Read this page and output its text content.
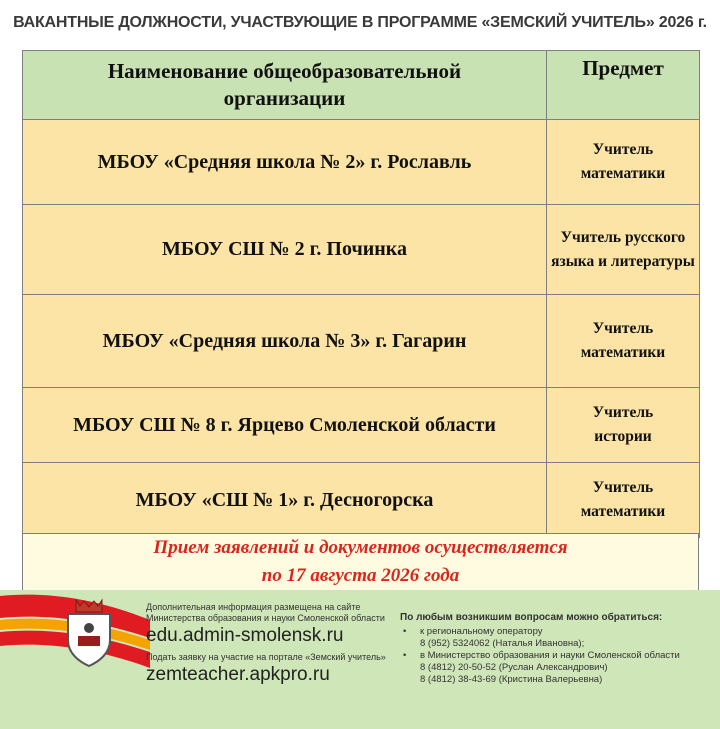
ВАКАНТНЫЕ ДОЛЖНОСТИ, УЧАСТВУЮЩИЕ В ПРОГРАММЕ «ЗЕМСКИЙ УЧИТЕЛЬ» 2026 г.
Наименование общеобразовательной организации	Предмет
МБОУ «Средняя школа № 2» г. Рославль	Учитель математики
МБОУ СШ № 2 г. Починка	Учитель русского языка и литературы
МБОУ «Средняя школа № 3» г. Гагарин	Учитель математики
МБОУ СШ № 8 г. Ярцево Смоленской области	Учитель истории
МБОУ «СШ № 1» г. Десногорска	Учитель математики
Прием заявлений и документов осуществляется
по 17 августа 2026 года
Дополнительная информация размещена на сайте
Министерства образования и науки Смоленской области
edu.admin-smolensk.ru
Подать заявку на участие на портале «Земский учитель»
zemteacher.apkpro.ru
По любым возникшим вопросам можно обратиться:
• к региональному оператору
8 (952) 5324062 (Наталья Ивановна);
• в Министерство образования и науки Смоленской области
8 (4812) 20-50-52 (Руслан Александрович)
8 (4812) 38-43-69 (Кристина Валерьевна)
